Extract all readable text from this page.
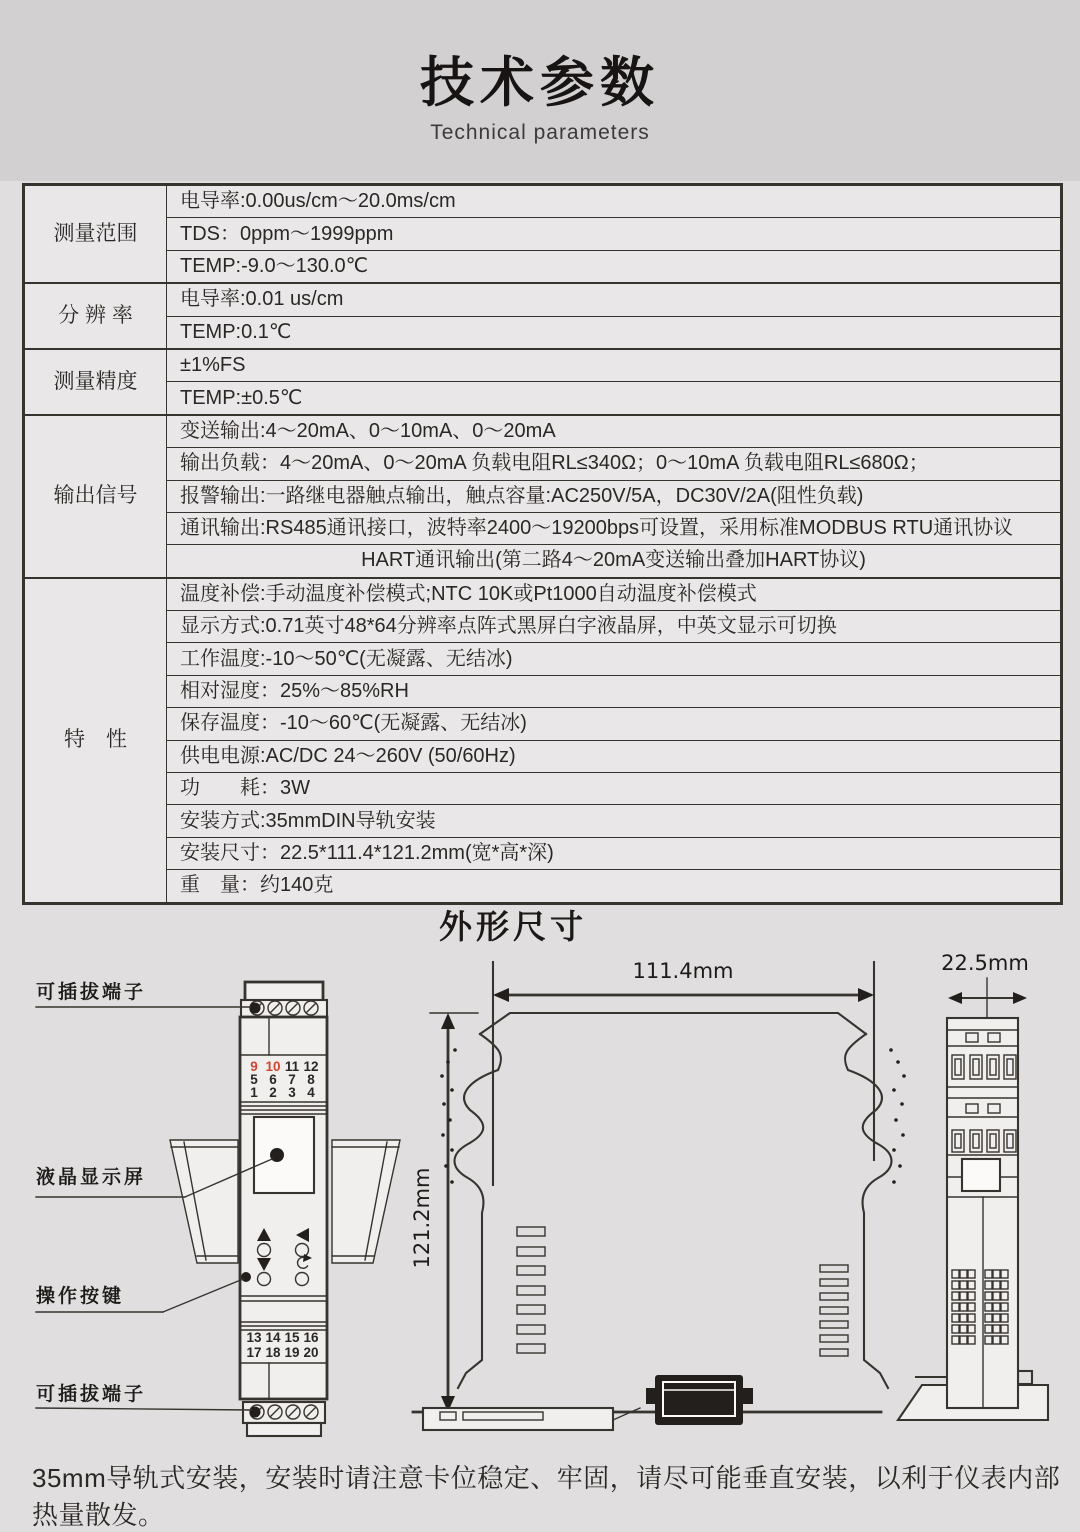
技术参数
Technical parameters
测量范围	电导率:0.00us/cm～20.0ms/cm
	TDS：0ppm～1999ppm
	TEMP:-9.0～130.0℃
分 辨 率	电导率:0.01 us/cm
	TEMP:0.1℃
测量精度	±1%FS
	TEMP:±0.5℃
输出信号	变送输出:4～20mA、0～10mA、0～20mA
	输出负载：4～20mA、0～20mA 负载电阻RL≤340Ω；0～10mA 负载电阻RL≤680Ω；
	报警输出:一路继电器触点输出，触点容量:AC250V/5A，DC30V/2A(阻性负载)
	通讯输出:RS485通讯接口，波特率2400～19200bps可设置，采用标准MODBUS RTU通讯协议
	HART通讯输出(第二路4～20mA变送输出叠加HART协议)
特　性	温度补偿:手动温度补偿模式;NTC 10K或Pt1000自动温度补偿模式
	显示方式:0.71英寸48*64分辨率点阵式黑屏白字液晶屏，中英文显示可切换
	工作温度:-10～50℃(无凝露、无结冰)
	相对湿度：25%～85%RH
	保存温度：-10～60℃(无凝露、无结冰)
	供电电源:AC/DC 24～260V (50/60Hz)
	功　　耗：3W
	安装方式:35mmDIN导轨安装
	安装尺寸：22.5*111.4*121.2mm(宽*高*深)
	重　量：约140克
外形尺寸
9 10 11 12
5 6 7 8
1 2 3 4
13 14 15 16
17 18 19 20
可插拔端子
液晶显示屏
操作按键
可插拔端子
111.4mm
121.2mm
22.5mm

35mm导轨式安装，安装时请注意卡位稳定、牢固，请尽可能垂直安装，以利于仪表内部热量散发。
